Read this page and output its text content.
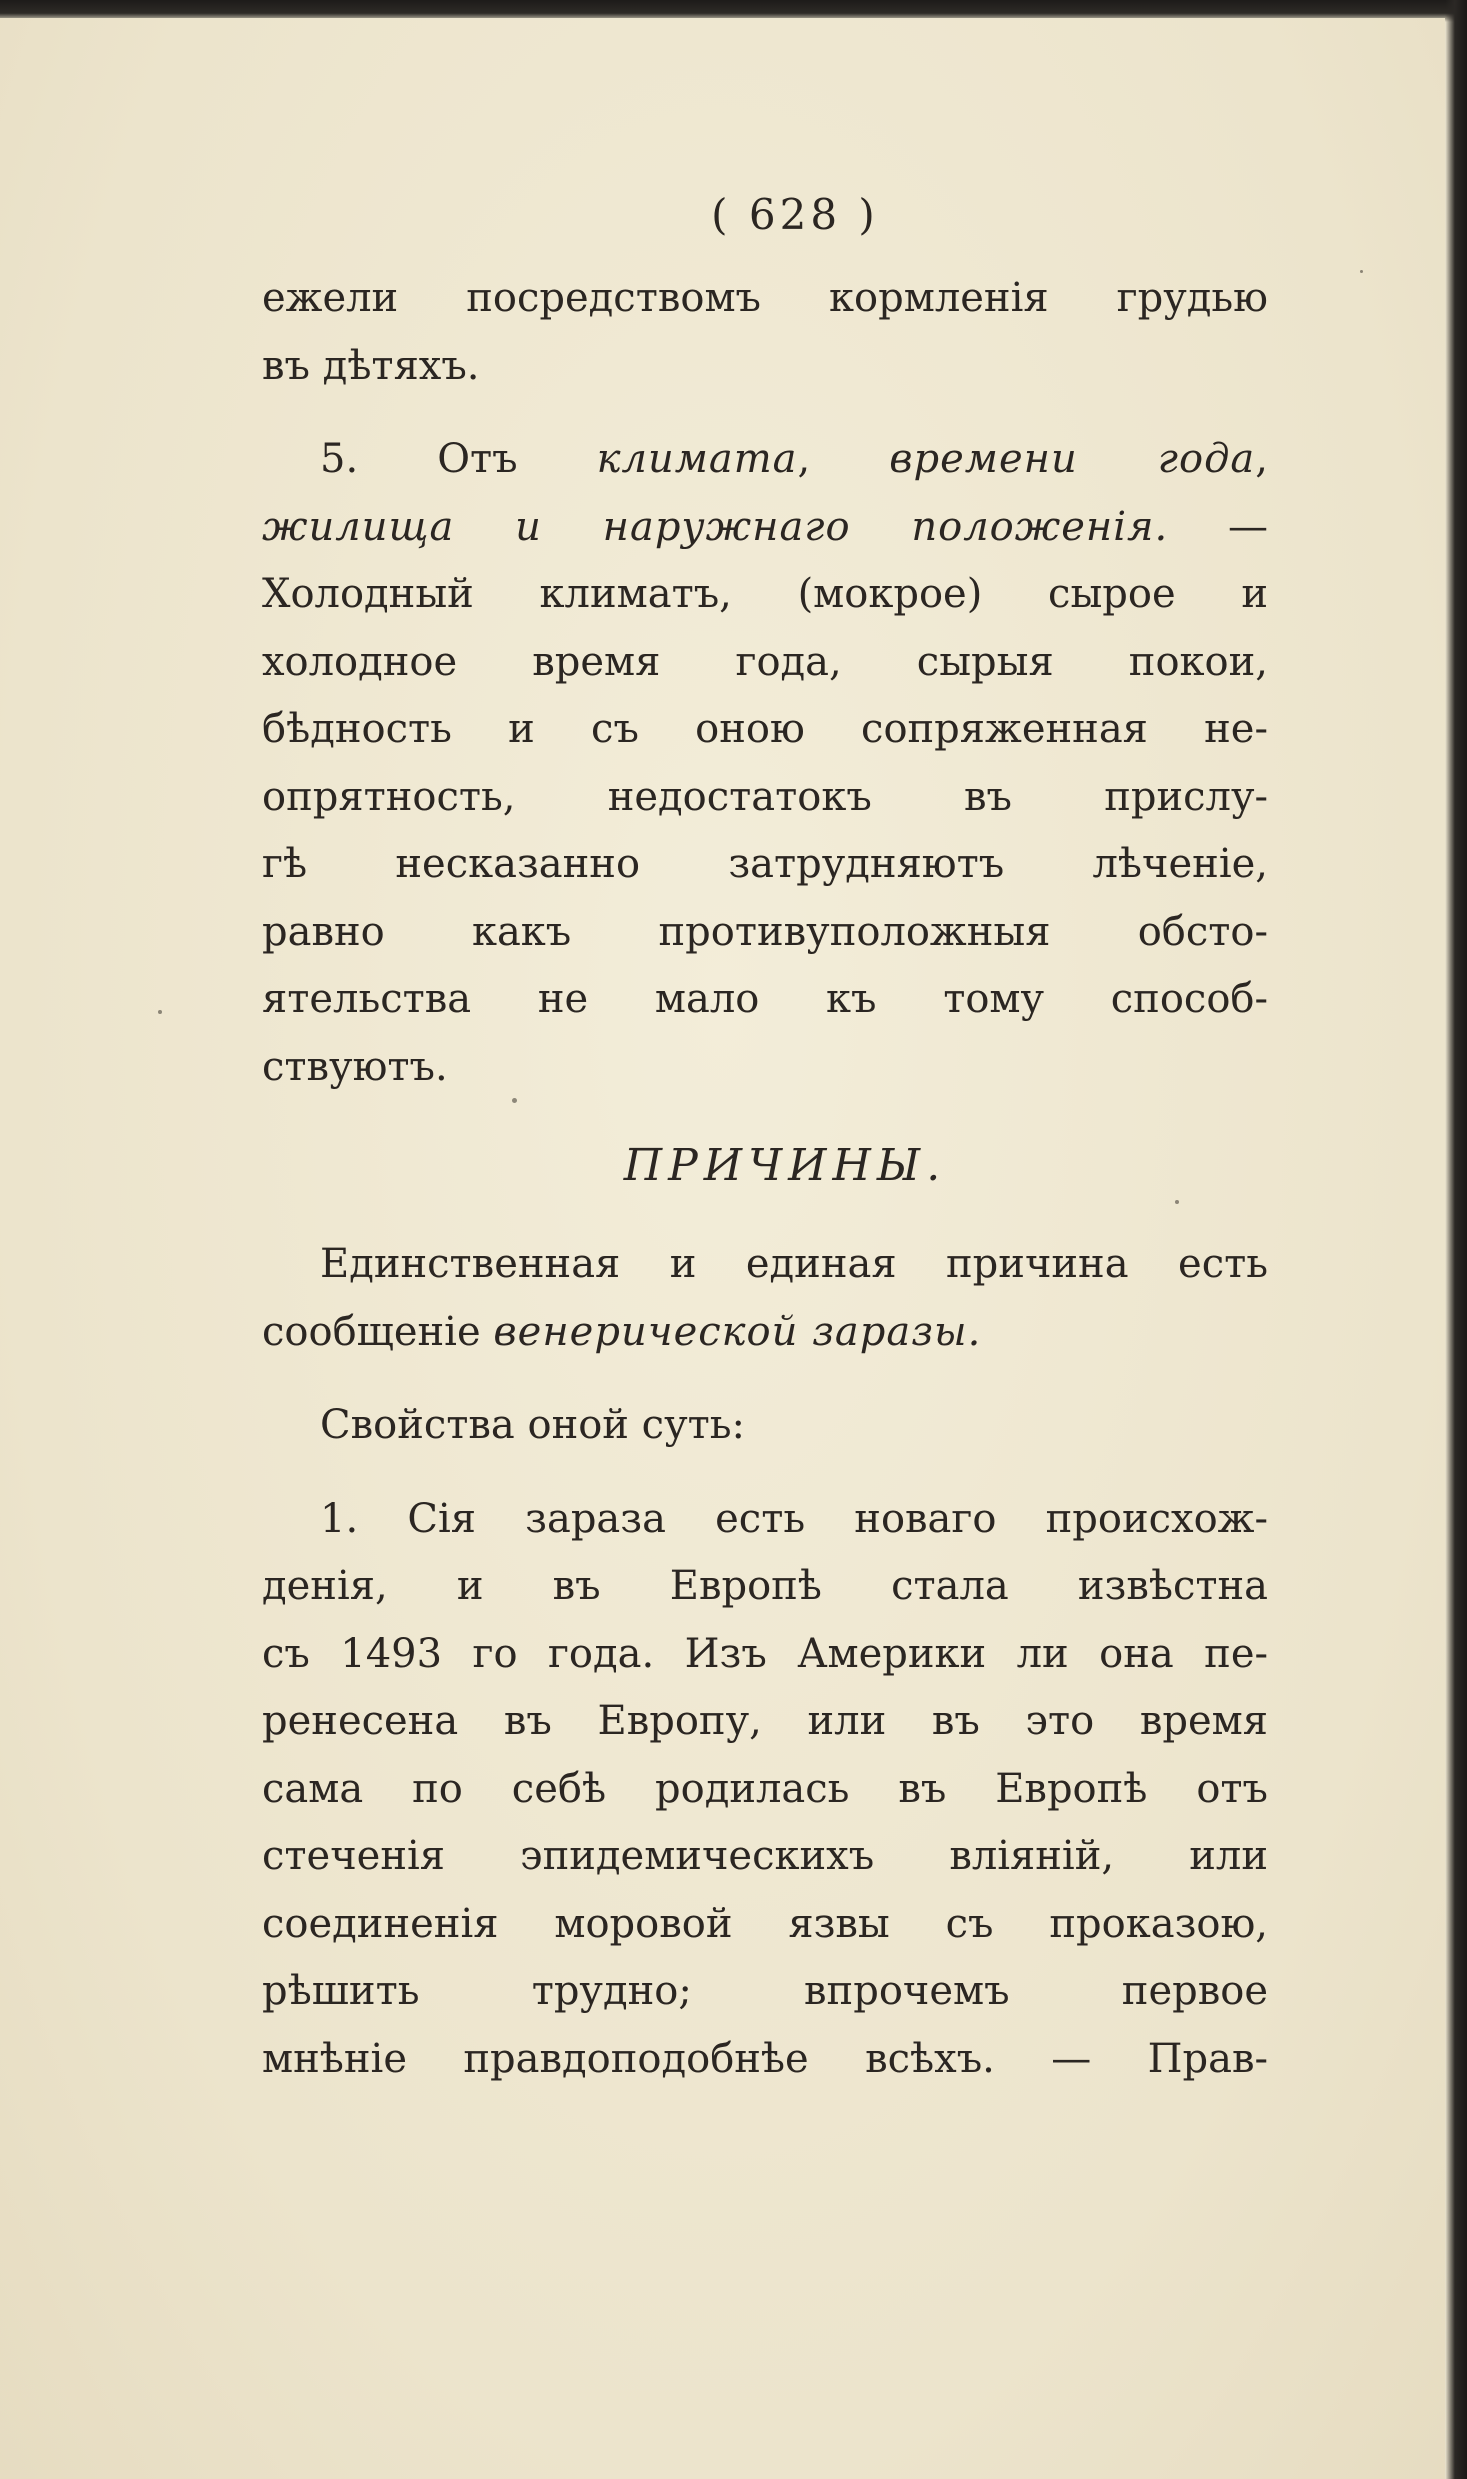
( 628 )

ежели посредствомъ кормленія грудью

въ дѣтяхъ.

5. Отъ климата, времени года,

жилища и наружнаго положенія. —

Холодный климатъ, (мокрое) сырое и

холодное время года, сырыя покои,

бѣдность и съ оною сопряженная не-

опрятность, недостатокъ въ прислу-

гѣ несказанно затрудняютъ лѣченіе,

равно какъ противуположныя обсто-

ятельства не мало къ тому способ-

ствуютъ.

ПРИЧИНЫ.

Единственная и единая причина есть

сообщеніе венерической заразы.

Свойства оной суть:

1. Сія зараза есть новаго происхож-

денія, и въ Европѣ стала извѣстна

съ 1493 го года. Изъ Америки ли она пе-

ренесена въ Европу, или въ это время

сама по себѣ родилась въ Европѣ отъ

стеченія эпидемическихъ вліяній, или

соединенія моровой язвы съ проказою,

рѣшить трудно; впрочемъ первое

мнѣніе правдоподобнѣе всѣхъ. — Прав-
